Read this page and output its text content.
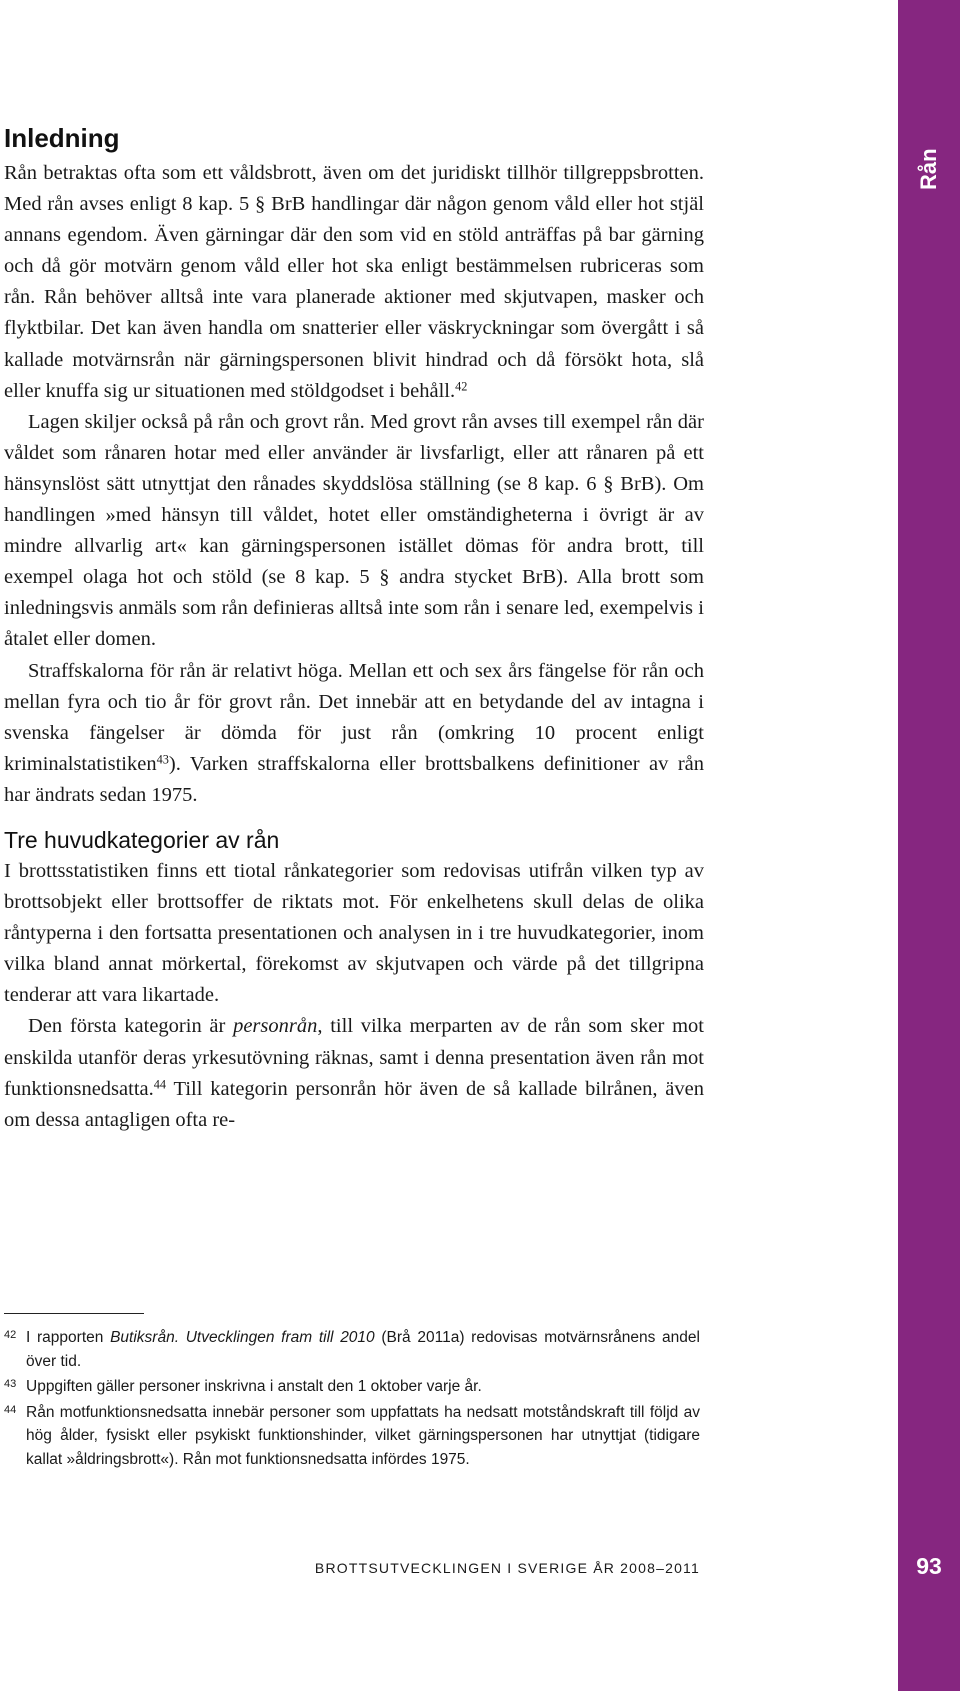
Rån
93
Inledning

Rån betraktas ofta som ett våldsbrott, även om det juridiskt tillhör tillgreppsbrotten. Med rån avses enligt 8 kap. 5 § BrB handlingar där någon genom våld eller hot stjäl annans egendom. Även gärningar där den som vid en stöld anträffas på bar gärning och då gör motvärn genom våld eller hot ska enligt bestämmelsen rubriceras som rån. Rån behöver alltså inte vara planerade aktioner med skjutvapen, masker och flyktbilar. Det kan även handla om snatterier eller väskryckningar som övergått i så kallade motvärnsrån när gärningspersonen blivit hindrad och då försökt hota, slå eller knuffa sig ur situationen med stöldgodset i behåll.$^{42}$

Lagen skiljer också på rån och grovt rån. Med grovt rån avses till exempel rån där våldet som rånaren hotar med eller använder är livsfarligt, eller att rånaren på ett hänsynslöst sätt utnyttjat den rånades skyddslösa ställning (se 8 kap. 6 § BrB). Om handlingen »med hänsyn till våldet, hotet eller omständigheterna i övrigt är av mindre allvarlig art« kan gärningspersonen istället dömas för andra brott, till exempel olaga hot och stöld (se 8 kap. 5 § andra stycket BrB). Alla brott som inledningsvis anmäls som rån definieras alltså inte som rån i senare led, exempelvis i åtalet eller domen.

Straffskalorna för rån är relativt höga. Mellan ett och sex års fängelse för rån och mellan fyra och tio år för grovt rån. Det innebär att en betydande del av intagna i svenska fängelser är dömda för just rån (omkring 10 procent enligt kriminalstatistiken$^{43}$). Varken straffskalorna eller brottsbalkens definitioner av rån har ändrats sedan 1975.

Tre huvudkategorier av rån

I brottsstatistiken finns ett tiotal rånkategorier som redovisas utifrån vilken typ av brottsobjekt eller brottsoffer de riktats mot. För enkelhetens skull delas de olika råntyperna i den fortsatta presentationen och analysen in i tre huvudkategorier, inom vilka bland annat mörkertal, förekomst av skjutvapen och värde på det tillgripna tenderar att vara likartade.

Den första kategorin är personrån, till vilka merparten av de rån som sker mot enskilda utanför deras yrkesutövning räknas, samt i denna presentation även rån mot funktionsnedsatta.$^{44}$ Till kategorin personrån hör även de så kallade bilrånen, även om dessa antagligen ofta re-

42 I rapporten Butiksrån. Utvecklingen fram till 2010 (Brå 2011a) redovisas motvärnsrånens andel över tid.
43 Uppgiften gäller personer inskrivna i anstalt den 1 oktober varje år.
44 Rån motfunktionsnedsatta innebär personer som uppfattats ha nedsatt motståndskraft till följd av hög ålder, fysiskt eller psykiskt funktionshinder, vilket gärningspersonen har utnyttjat (tidigare kallat »åldringsbrott«). Rån mot funktionsnedsatta infördes 1975.
BROTTSUTVECKLINGEN I SVERIGE ÅR 2008–2011
